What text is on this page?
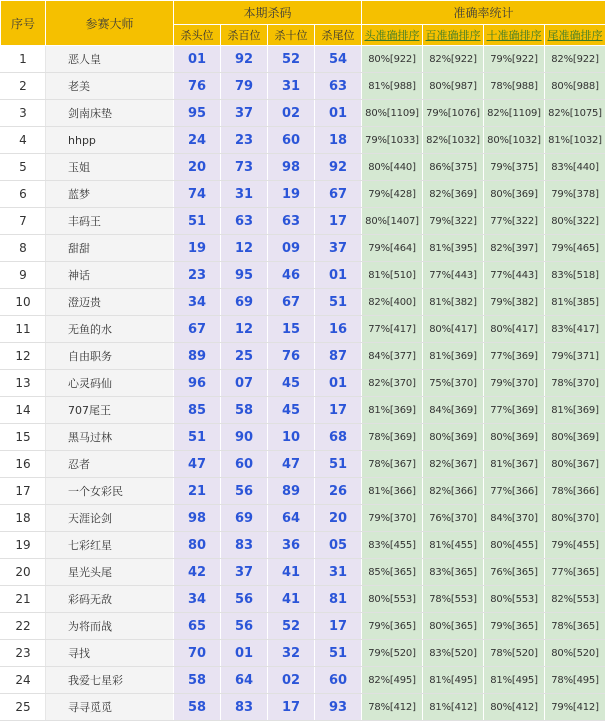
序号	参赛大师	本期杀码				准确率统计			
		杀头位	杀百位	杀十位	杀尾位	头准确排序	百准确排序	十准确排序	尾准确排序
1	恶人皇	01	92	52	54	80%[922]	82%[922]	79%[922]	82%[922]
2	老美	76	79	31	63	81%[988]	80%[987]	78%[988]	80%[988]
3	剑南床垫	95	37	02	01	80%[1109]	79%[1076]	82%[1109]	82%[1075]
4	hhpp	24	23	60	18	79%[1033]	82%[1032]	80%[1032]	81%[1032]
5	玉姐	20	73	98	92	80%[440]	86%[375]	79%[375]	83%[440]
6	蓝梦	74	31	19	67	79%[428]	82%[369]	80%[369]	79%[378]
7	丰码王	51	63	63	17	80%[1407]	79%[322]	77%[322]	80%[322]
8	甜甜	19	12	09	37	79%[464]	81%[395]	82%[397]	79%[465]
9	神话	23	95	46	01	81%[510]	77%[443]	77%[443]	83%[518]
10	澄迈贵	34	69	67	51	82%[400]	81%[382]	79%[382]	81%[385]
11	无鱼的水	67	12	15	16	77%[417]	80%[417]	80%[417]	83%[417]
12	自由职务	89	25	76	87	84%[377]	81%[369]	77%[369]	79%[371]
13	心灵码仙	96	07	45	01	82%[370]	75%[370]	79%[370]	78%[370]
14	707尾王	85	58	45	17	81%[369]	84%[369]	77%[369]	81%[369]
15	黑马过林	51	90	10	68	78%[369]	80%[369]	80%[369]	80%[369]
16	忍者	47	60	47	51	78%[367]	82%[367]	81%[367]	80%[367]
17	一个女彩民	21	56	89	26	81%[366]	82%[366]	77%[366]	78%[366]
18	天涯论剑	98	69	64	20	79%[370]	76%[370]	84%[370]	80%[370]
19	七彩红星	80	83	36	05	83%[455]	81%[455]	80%[455]	79%[455]
20	星光头尾	42	37	41	31	85%[365]	83%[365]	76%[365]	77%[365]
21	彩码无敌	34	56	41	81	80%[553]	78%[553]	80%[553]	82%[553]
22	为将而战	65	56	52	17	79%[365]	80%[365]	79%[365]	78%[365]
23	寻找	70	01	32	51	79%[520]	83%[520]	78%[520]	80%[520]
24	我爱七星彩	58	64	02	60	82%[495]	81%[495]	81%[495]	78%[495]
25	寻寻觅觅	58	83	17	93	78%[412]	81%[412]	80%[412]	79%[412]
